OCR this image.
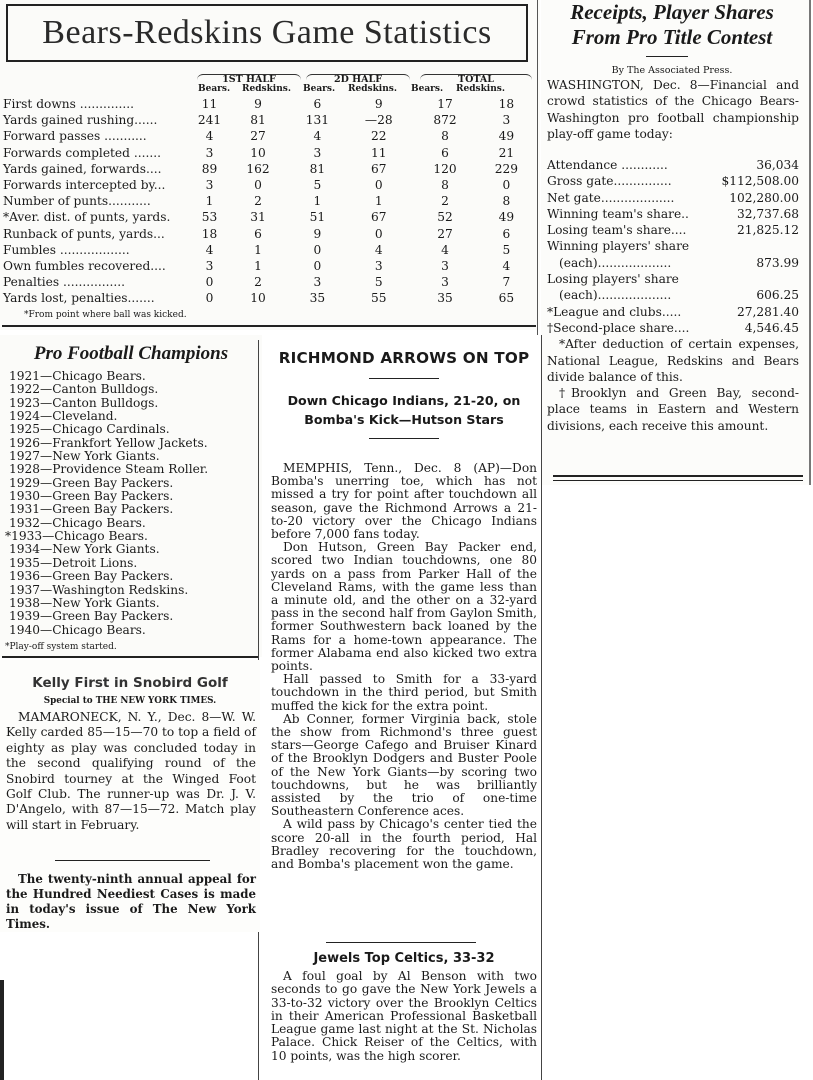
Bears-Redskins Game Statistics
1ST HALF	2D HALF	TOTAL
Bears. Redskins. Bears. Redskins. Bears. Redskins.
First downs ..............	11	9	6	9	17	18
Yards gained rushing......	241	81	131	—28	872	3
Forward passes ...........	4	27	4	22	8	49
Forwards completed .......	3	10	3	11	6	21
Yards gained, forwards....	89	162	81	67	120	229
Forwards intercepted by...	3	0	5	0	8	0
Number of punts...........	1	2	1	1	2	8
*Aver. dist. of punts, yards.	53	31	51	67	52	49
Runback of punts, yards...	18	6	9	0	27	6
Fumbles ..................	4	1	0	4	4	5
Own fumbles recovered....	3	1	0	3	3	4
Penalties ................	0	2	3	5	3	7
Yards lost, penalties.......	0	10	35	55	35	65
*From point where ball was kicked.
Receipts, Player Shares
From Pro Title Contest
By The Associated Press.
WASHINGTON, Dec. 8—Financial and crowd statistics of the Chicago Bears-Washington pro football championship play-off game today:
Attendance ............	36,034
Gross gate...............	$112,508.00
Net gate...................	102,280.00
Winning team's share..	32,737.68
Losing team's share....	21,825.12
Winning players' share
(each)...................	873.99
Losing players' share
(each)...................	606.25
*League and clubs.....	27,281.40
†Second-place share....	4,546.45
*After deduction of certain expenses, National League, Redskins and Bears divide balance of this.
†Brooklyn and Green Bay, second-place teams in Eastern and Western divisions, each receive this amount.
Pro Football Champions
1921—Chicago Bears.
1922—Canton Bulldogs.
1923—Canton Bulldogs.
1924—Cleveland.
1925—Chicago Cardinals.
1926—Frankfort Yellow Jackets.
1927—New York Giants.
1928—Providence Steam Roller.
1929—Green Bay Packers.
1930—Green Bay Packers.
1931—Green Bay Packers.
1932—Chicago Bears.
*1933—Chicago Bears.
1934—New York Giants.
1935—Detroit Lions.
1936—Green Bay Packers.
1937—Washington Redskins.
1938—New York Giants.
1939—Green Bay Packers.
1940—Chicago Bears.
*Play-off system started.
Kelly First in Snobird Golf
Special to THE NEW YORK TIMES.
MAMARONECK, N. Y., Dec. 8—W. W. Kelly carded 85—15—70 to top a field of eighty as play was concluded today in the second qualifying round of the Snobird tourney at the Winged Foot Golf Club. The runner-up was Dr. J. V. D'Angelo, with 87—15—72. Match play will start in February.
The twenty-ninth annual appeal for the Hundred Neediest Cases is made in today's issue of The New York Times.
RICHMOND ARROWS ON TOP
Down Chicago Indians, 21-20, on
Bomba's Kick—Hutson Stars

MEMPHIS, Tenn., Dec. 8 (AP)—Don Bomba's unerring toe, which has not missed a try for point after touchdown all season, gave the Richmond Arrows a 21-to-20 victory over the Chicago Indians before 7,000 fans today.

Don Hutson, Green Bay Packer end, scored two Indian touchdowns, one 80 yards on a pass from Parker Hall of the Cleveland Rams, with the game less than a minute old, and the other on a 32-yard pass in the second half from Gaylon Smith, former Southwestern back loaned by the Rams for a home-town appearance. The former Alabama end also kicked two extra points.

Hall passed to Smith for a 33-yard touchdown in the third period, but Smith muffed the kick for the extra point.

Ab Conner, former Virginia back, stole the show from Richmond's three guest stars—George Cafego and Bruiser Kinard of the Brooklyn Dodgers and Buster Poole of the New York Giants—by scoring two touchdowns, but he was brilliantly assisted by the trio of one-time Southeastern Conference aces.

A wild pass by Chicago's center tied the score 20-all in the fourth period, Hal Bradley recovering for the touchdown, and Bomba's placement won the game.

Jewels Top Celtics, 33-32

A foul goal by Al Benson with two seconds to go gave the New York Jewels a 33-to-32 victory over the Brooklyn Celtics in their American Professional Basketball League game last night at the St. Nicholas Palace. Chick Reiser of the Celtics, with 10 points, was the high scorer.
